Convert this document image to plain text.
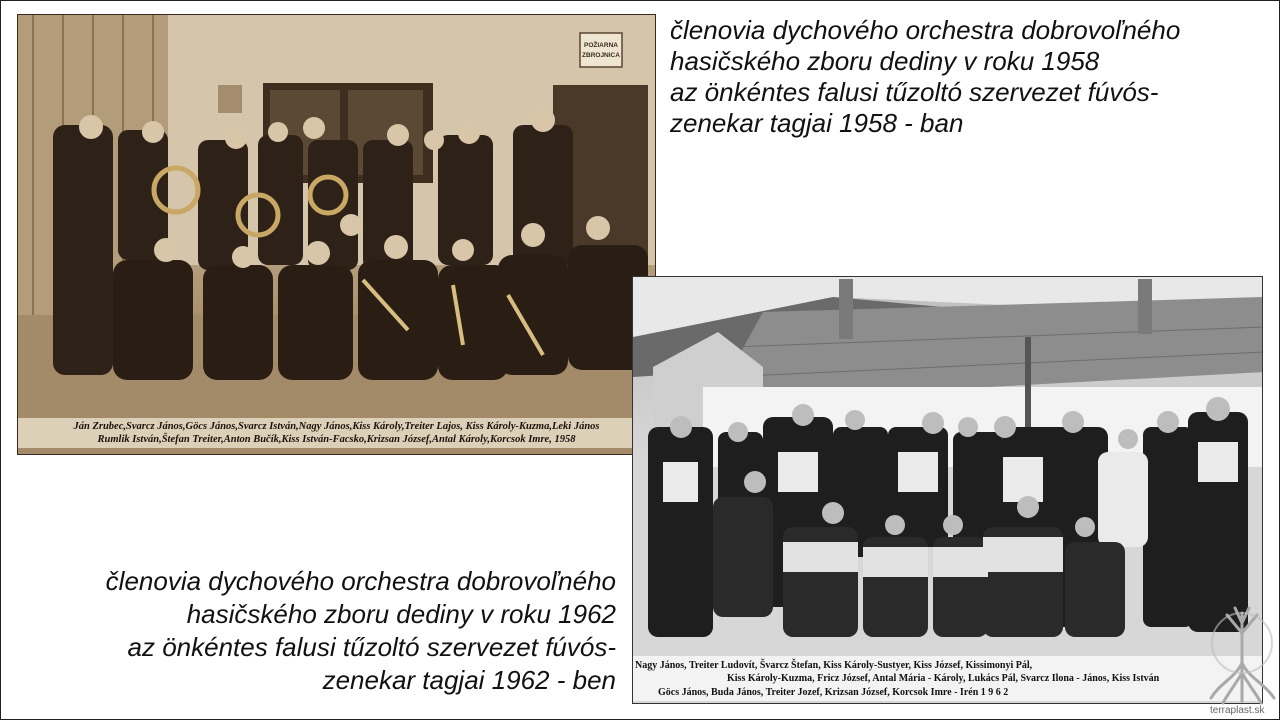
POŽIARNA
ZBROJNICA
Ján Zrubec,Svarcz János,Göcs János,Svarcz István,Nagy János,Kiss Károly,Treiter Lajos, Kiss Károly-Kuzma,Leki János
Rumlik István,Štefan Treiter,Anton Bučík,Kiss István-Facsko,Krizsan József,Antal Károly,Korcsok Imre, 1958
členovia dychového orchestra dobrovoľného
hasičského zboru dediny v roku 1958
az önkéntes falusi tűzoltó szervezet fúvós-
zenekar tagjai 1958 - ban
Nagy János, Treiter Ludovít, Švarcz Štefan, Kiss Károly-Sustyer, Kiss József, Kissimonyi Pál,
Kiss Károly-Kuzma, Fricz József, Antal Mária - Károly, Lukács Pál, Svarcz Ilona - János, Kiss István
Göcs János, Buda János, Treiter Jozef, Krizsan József, Korcsok Imre - Irén 1 9 6 2
členovia dychového orchestra dobrovoľného
hasičského zboru dediny v roku 1962
az önkéntes falusi tűzoltó szervezet fúvós-
zenekar tagjai 1962 - ben
terraplast.sk
